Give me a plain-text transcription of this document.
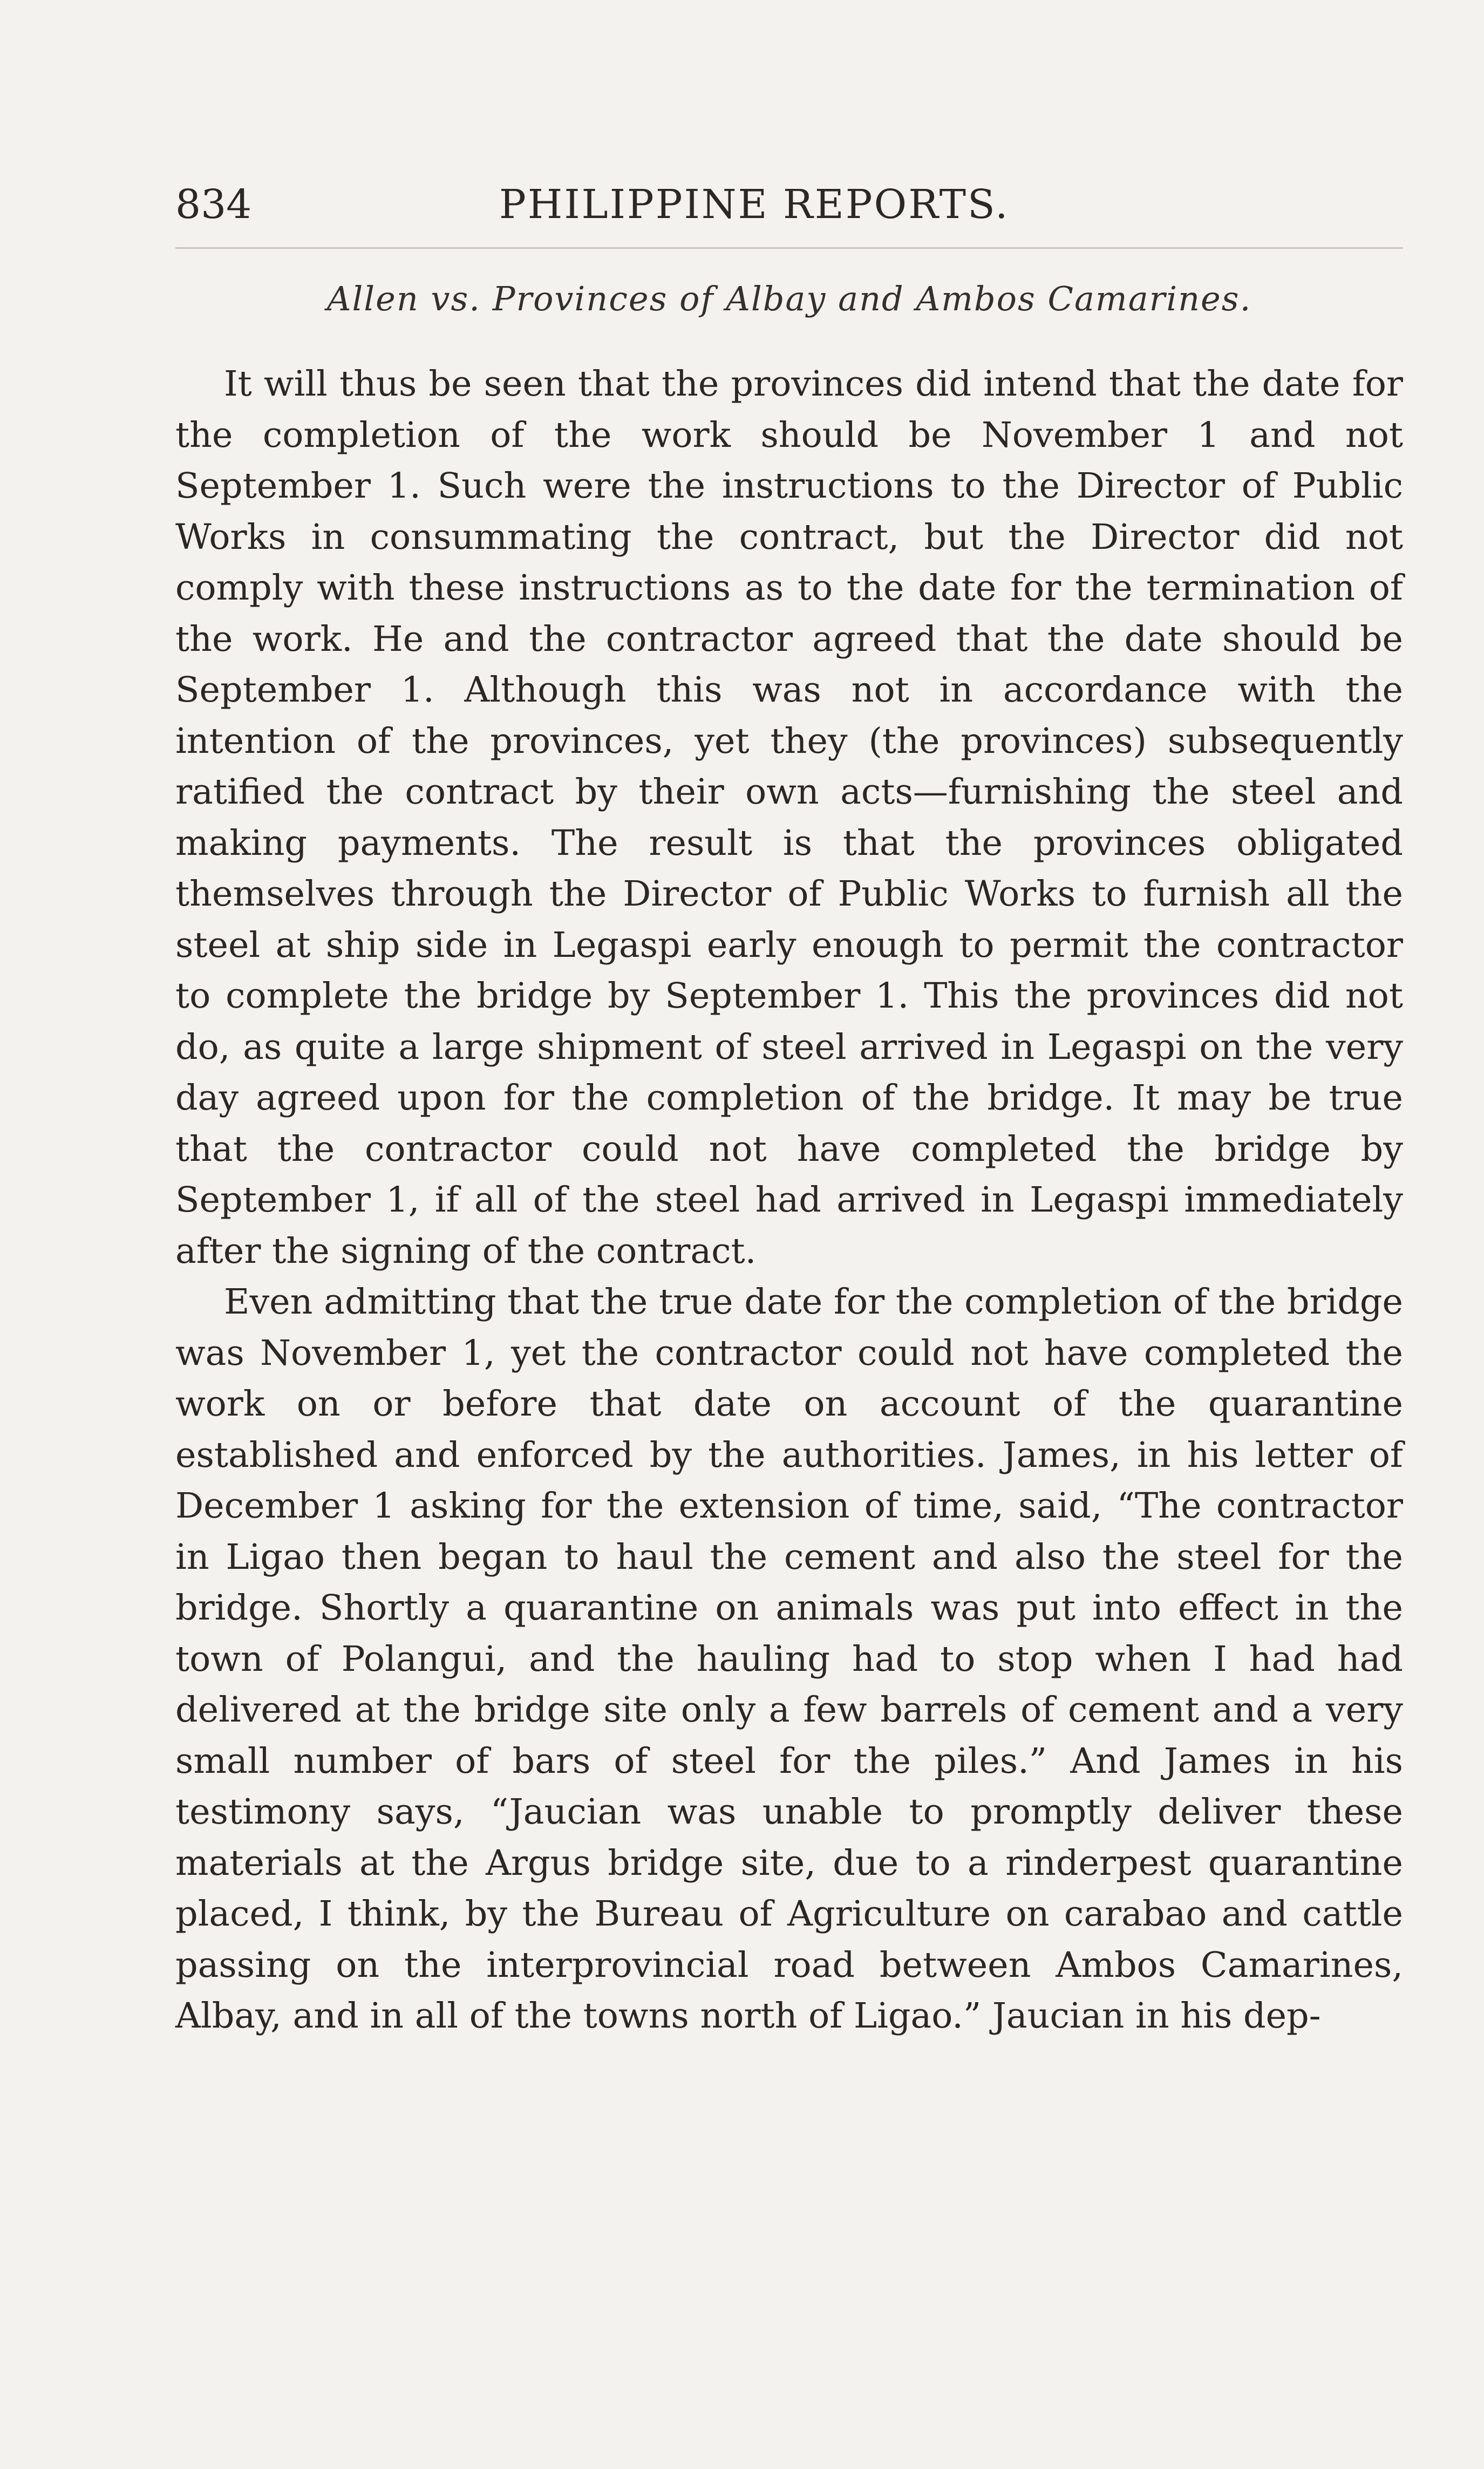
834	PHILIPPINE REPORTS.
Allen vs. Provinces of Albay and Ambos Camarines.

It will thus be seen that the provinces did intend that the date for the completion of the work should be November 1 and not September 1. Such were the instructions to the Director of Public Works in consummating the contract, but the Director did not comply with these instructions as to the date for the termination of the work. He and the contractor agreed that the date should be September 1. Although this was not in accordance with the intention of the provinces, yet they (the provinces) subsequently ratified the contract by their own acts—furnishing the steel and making payments. The result is that the provinces obligated themselves through the Director of Public Works to furnish all the steel at ship side in Legaspi early enough to permit the contractor to complete the bridge by September 1. This the provinces did not do, as quite a large shipment of steel arrived in Legaspi on the very day agreed upon for the completion of the bridge. It may be true that the contractor could not have completed the bridge by September 1, if all of the steel had arrived in Legaspi immediately after the signing of the contract.

Even admitting that the true date for the completion of the bridge was November 1, yet the contractor could not have completed the work on or before that date on account of the quarantine established and enforced by the authorities. James, in his letter of December 1 asking for the extension of time, said, “The contractor in Ligao then began to haul the cement and also the steel for the bridge. Shortly a quarantine on animals was put into effect in the town of Polangui, and the hauling had to stop when I had had delivered at the bridge site only a few barrels of cement and a very small number of bars of steel for the piles.” And James in his testimony says, “Jaucian was unable to promptly deliver these materials at the Argus bridge site, due to a rinderpest quarantine placed, I think, by the Bureau of Agriculture on carabao and cattle passing on the interprovincial road between Ambos Camarines, Albay, and in all of the towns north of Ligao.” Jaucian in his dep-
